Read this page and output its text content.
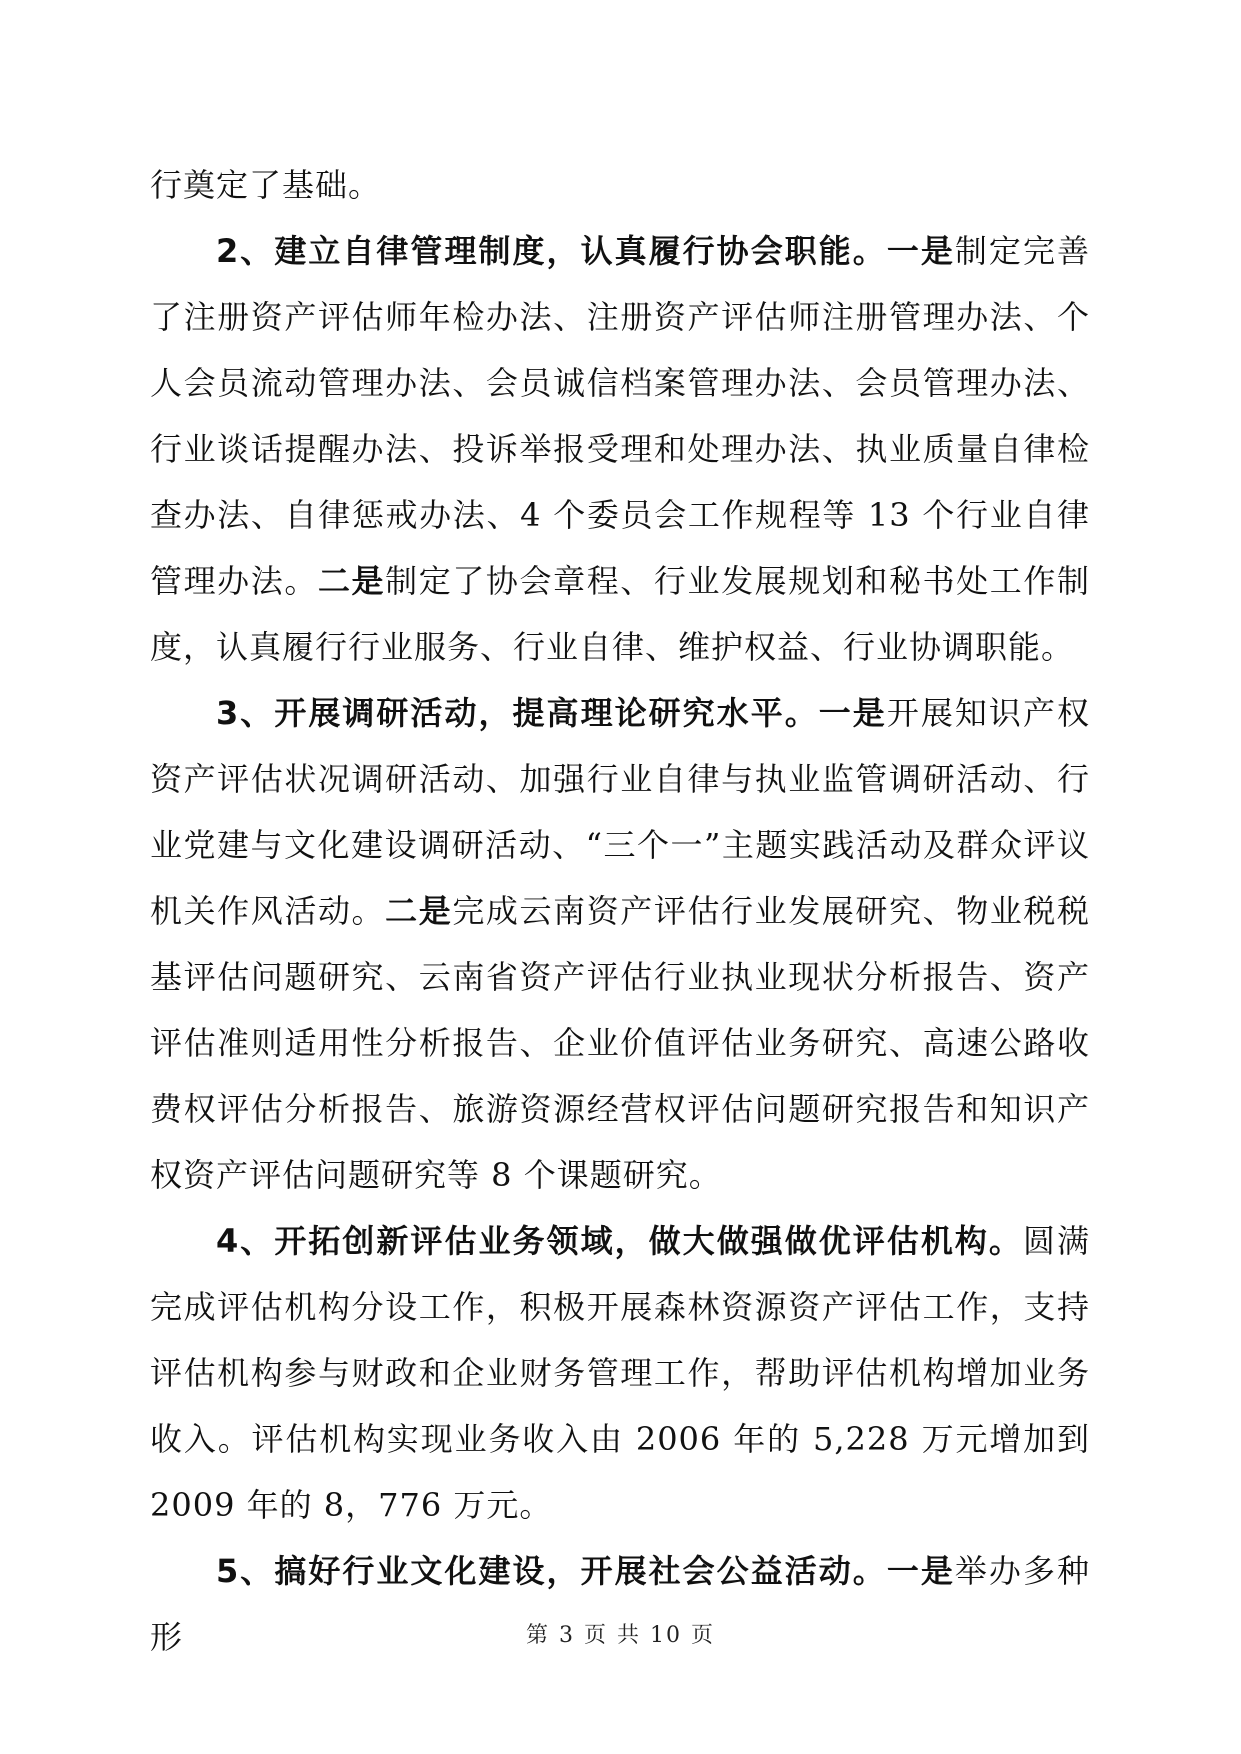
行奠定了基础。

2、建立自律管理制度，认真履行协会职能。一是制定完善了注册资产评估师年检办法、注册资产评估师注册管理办法、个人会员流动管理办法、会员诚信档案管理办法、会员管理办法、行业谈话提醒办法、投诉举报受理和处理办法、执业质量自律检查办法、自律惩戒办法、4 个委员会工作规程等 13 个行业自律管理办法。二是制定了协会章程、行业发展规划和秘书处工作制度，认真履行行业服务、行业自律、维护权益、行业协调职能。

3、开展调研活动，提高理论研究水平。一是开展知识产权资产评估状况调研活动、加强行业自律与执业监管调研活动、行业党建与文化建设调研活动、“三个一”主题实践活动及群众评议机关作风活动。二是完成云南资产评估行业发展研究、物业税税基评估问题研究、云南省资产评估行业执业现状分析报告、资产评估准则适用性分析报告、企业价值评估业务研究、高速公路收费权评估分析报告、旅游资源经营权评估问题研究报告和知识产权资产评估问题研究等 8 个课题研究。

4、开拓创新评估业务领域，做大做强做优评估机构。圆满完成评估机构分设工作，积极开展森林资源资产评估工作，支持评估机构参与财政和企业财务管理工作，帮助评估机构增加业务收入。评估机构实现业务收入由 2006 年的 5,228 万元增加到 2009 年的 8，776 万元。

5、搞好行业文化建设，开展社会公益活动。一是举办多种形	第 3 页 共 10 页
